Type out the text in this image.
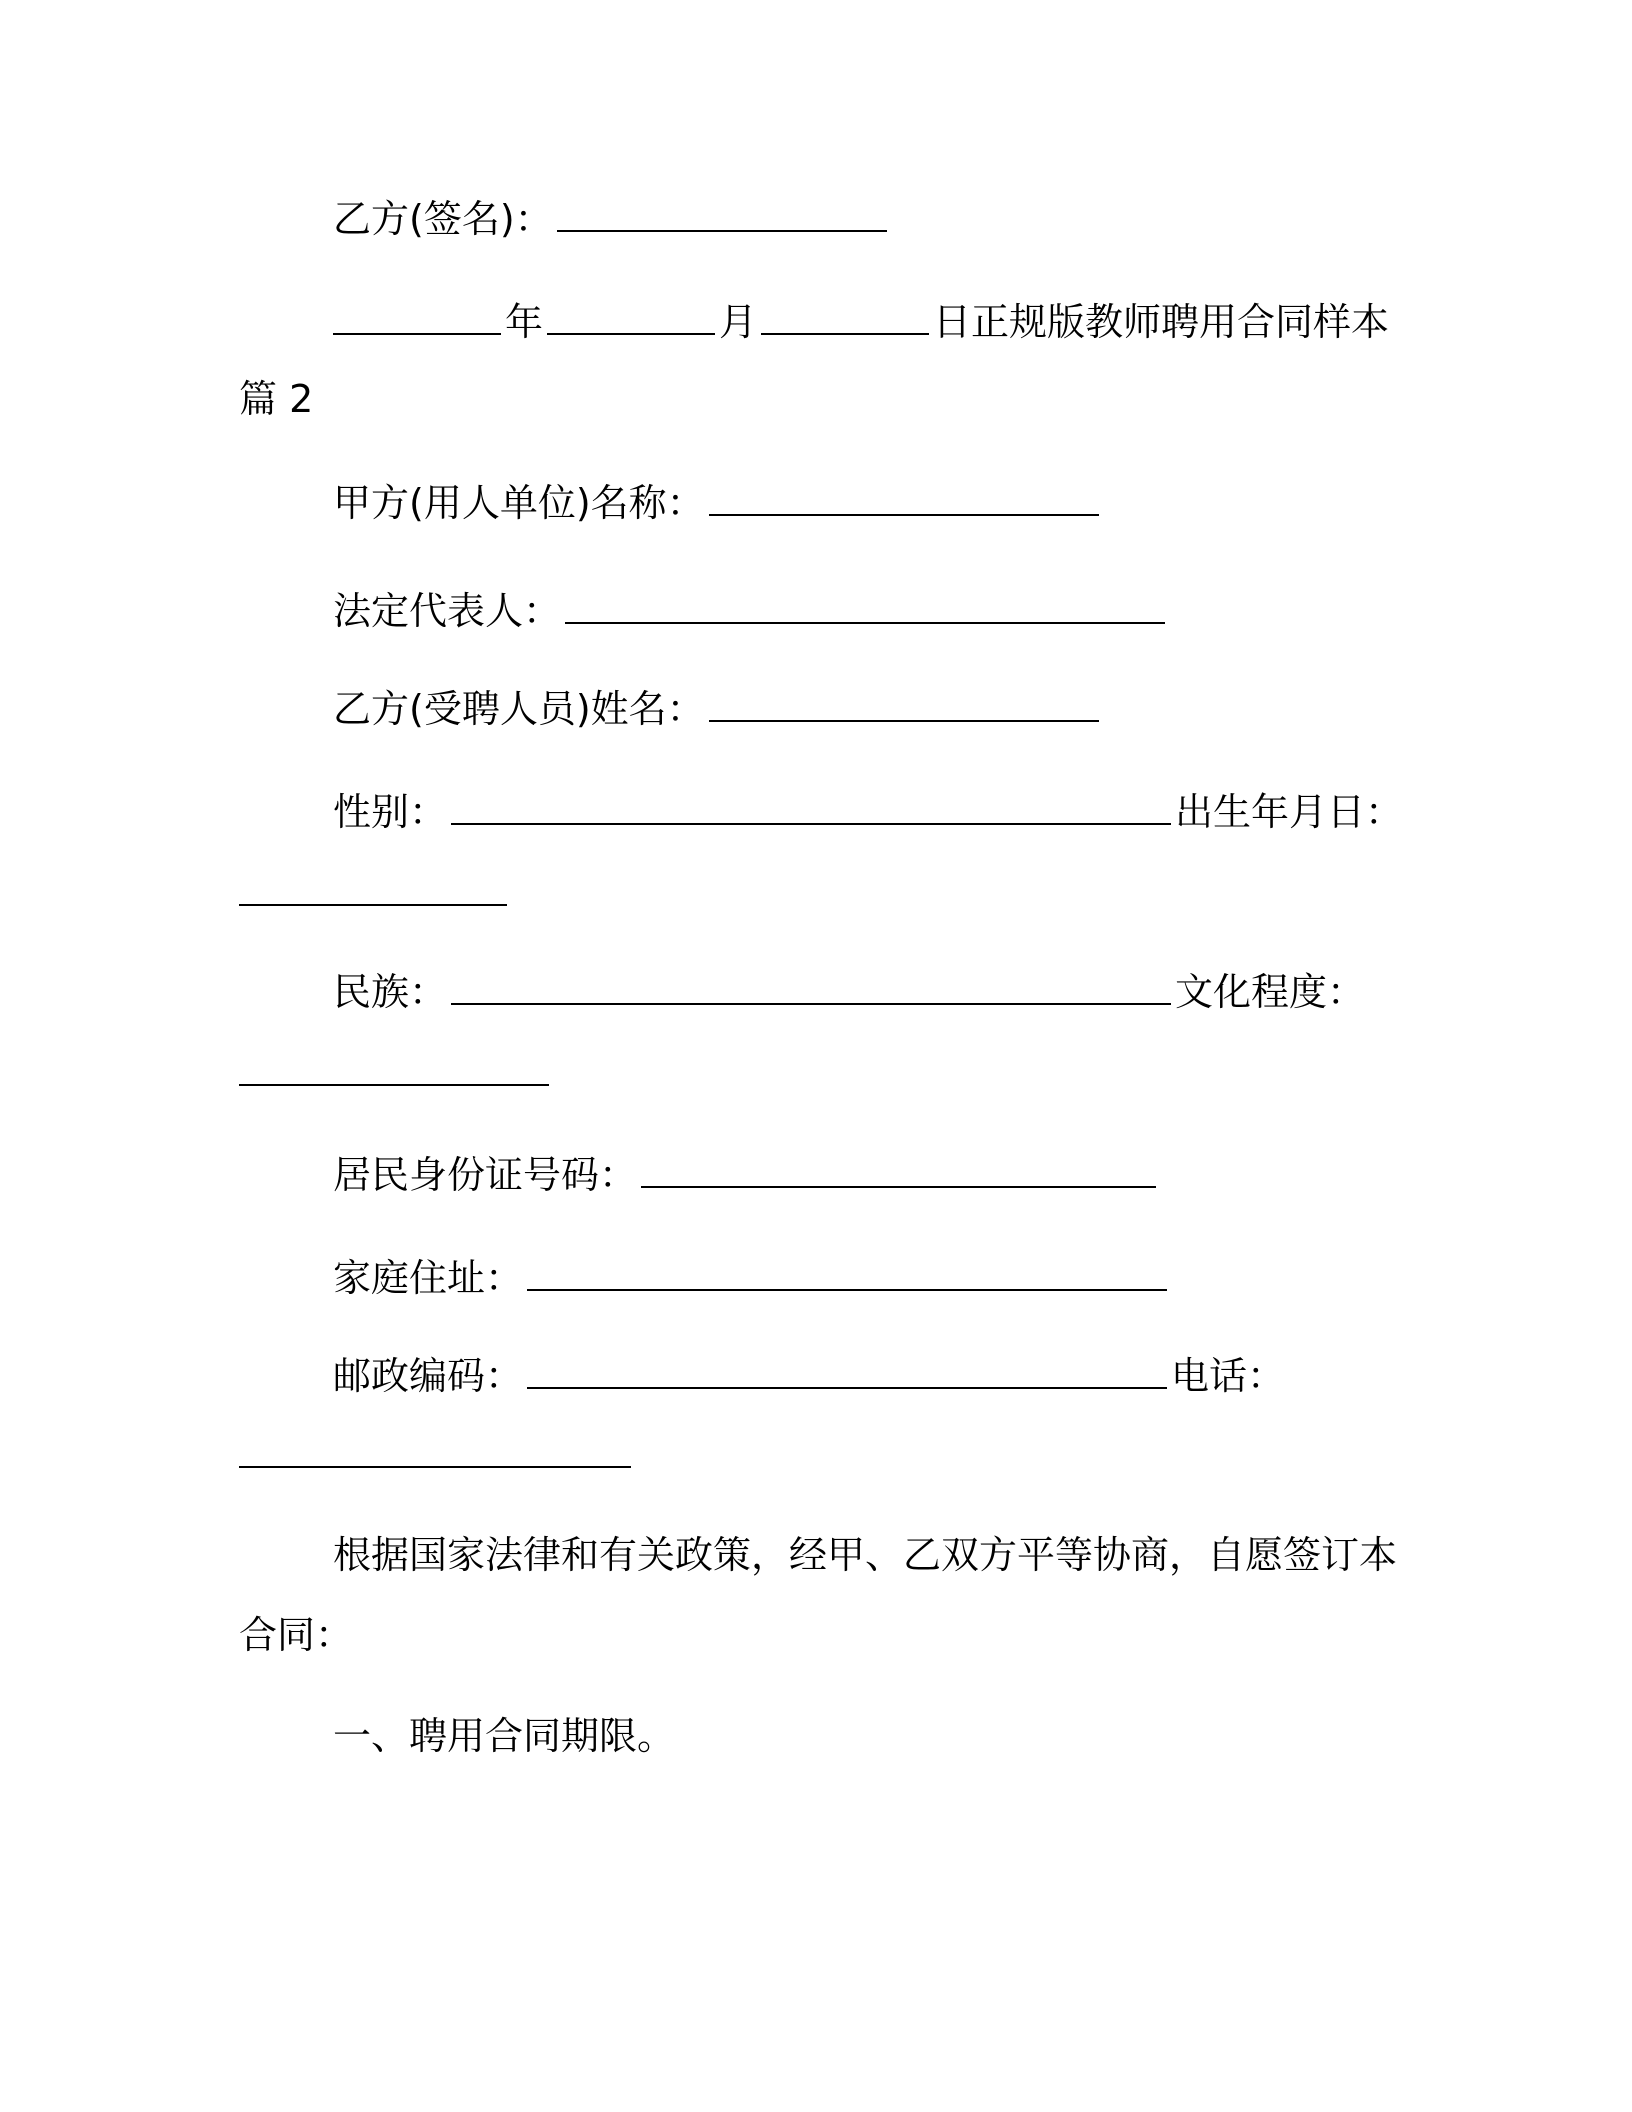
乙方(签名)：
年	月	日正规版教师聘用合同样本
篇 2
甲方(用人单位)名称：
法定代表人：
乙方(受聘人员)姓名：
性别：	出生年月日：
民族：	文化程度：
居民身份证号码：
家庭住址：
邮政编码：	电话：
根据国家法律和有关政策，经甲、乙双方平等协商，自愿签订本
合同：
一、聘用合同期限。
